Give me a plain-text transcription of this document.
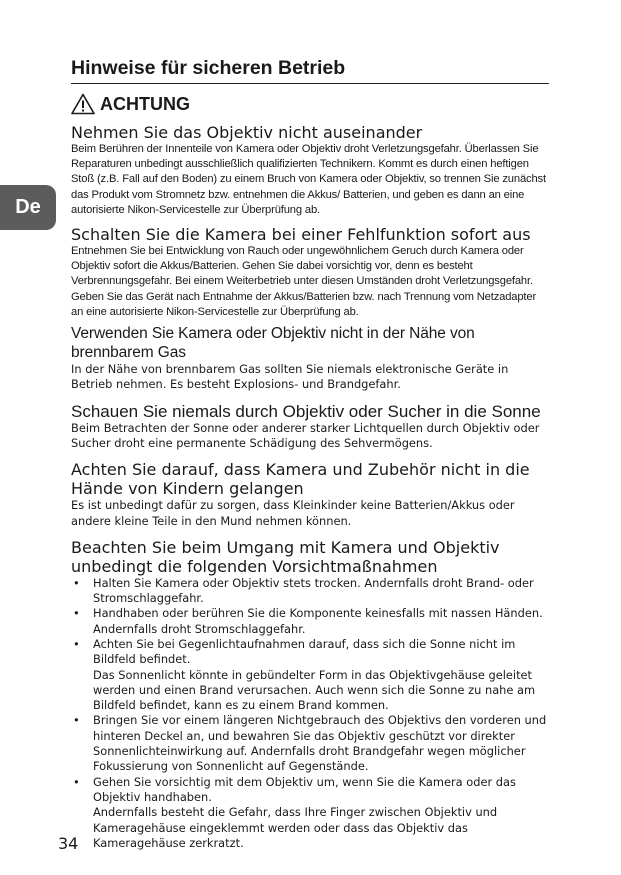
De
Hinweise für sicheren Betrieb
ACHTUNG
Nehmen Sie das Objektiv nicht auseinander

Beim Berühren der Innenteile von Kamera oder Objektiv droht Verletzungsgefahr. Überlassen Sie Reparaturen unbedingt ausschließlich qualifizierten Technikern. Kommt es durch einen heftigen Stoß (z.B. Fall auf den Boden) zu einem Bruch von Kamera oder Objektiv, so trennen Sie zunächst das Produkt vom Stromnetz bzw. entnehmen die Akkus/ Batterien, und geben es dann an eine autorisierte Nikon-Servicestelle zur Überprüfung ab.

Schalten Sie die Kamera bei einer Fehlfunktion sofort aus

Entnehmen Sie bei Entwicklung von Rauch oder ungewöhnlichem Geruch durch Kamera oder Objektiv sofort die Akkus/Batterien. Gehen Sie dabei vorsichtig vor, denn es besteht Verbrennungsgefahr. Bei einem Weiterbetrieb unter diesen Umständen droht Verletzungsgefahr. Geben Sie das Gerät nach Entnahme der Akkus/Batterien bzw. nach Trennung vom Netzadapter an eine autorisierte Nikon-Servicestelle zur Überprüfung ab.

Verwenden Sie Kamera oder Objektiv nicht in der Nähe von brennbarem Gas

In der Nähe von brennbarem Gas sollten Sie niemals elektronische Geräte in Betrieb nehmen. Es besteht Explosions- und Brandgefahr.

Schauen Sie niemals durch Objektiv oder Sucher in die Sonne

Beim Betrachten der Sonne oder anderer starker Lichtquellen durch Objektiv oder Sucher droht eine permanente Schädigung des Sehvermögens.

Achten Sie darauf, dass Kamera und Zubehör nicht in die Hände von Kindern gelangen

Es ist unbedingt dafür zu sorgen, dass Kleinkinder keine Batterien/Akkus oder andere kleine Teile in den Mund nehmen können.

Beachten Sie beim Umgang mit Kamera und Objektiv unbedingt die folgenden Vorsichtmaßnahmen
• Halten Sie Kamera oder Objektiv stets trocken. Andernfalls droht Brand- oder Stromschlaggefahr.
• Handhaben oder berühren Sie die Komponente keinesfalls mit nassen Händen. Andernfalls droht Stromschlaggefahr.
• Achten Sie bei Gegenlichtaufnahmen darauf, dass sich die Sonne nicht im Bildfeld befindet.
Das Sonnenlicht könnte in gebündelter Form in das Objektivgehäuse geleitet werden und einen Brand verursachen. Auch wenn sich die Sonne zu nahe am Bildfeld befindet, kann es zu einem Brand kommen.
• Bringen Sie vor einem längeren Nichtgebrauch des Objektivs den vorderen und hinteren Deckel an, und bewahren Sie das Objektiv geschützt vor direkter Sonnenlichteinwirkung auf. Andernfalls droht Brandgefahr wegen möglicher Fokussierung von Sonnenlicht auf Gegenstände.
• Gehen Sie vorsichtig mit dem Objektiv um, wenn Sie die Kamera oder das Objektiv handhaben.
Andernfalls besteht die Gefahr, dass Ihre Finger zwischen Objektiv und Kameragehäuse eingeklemmt werden oder dass das Objektiv das Kameragehäuse zerkratzt.
34
